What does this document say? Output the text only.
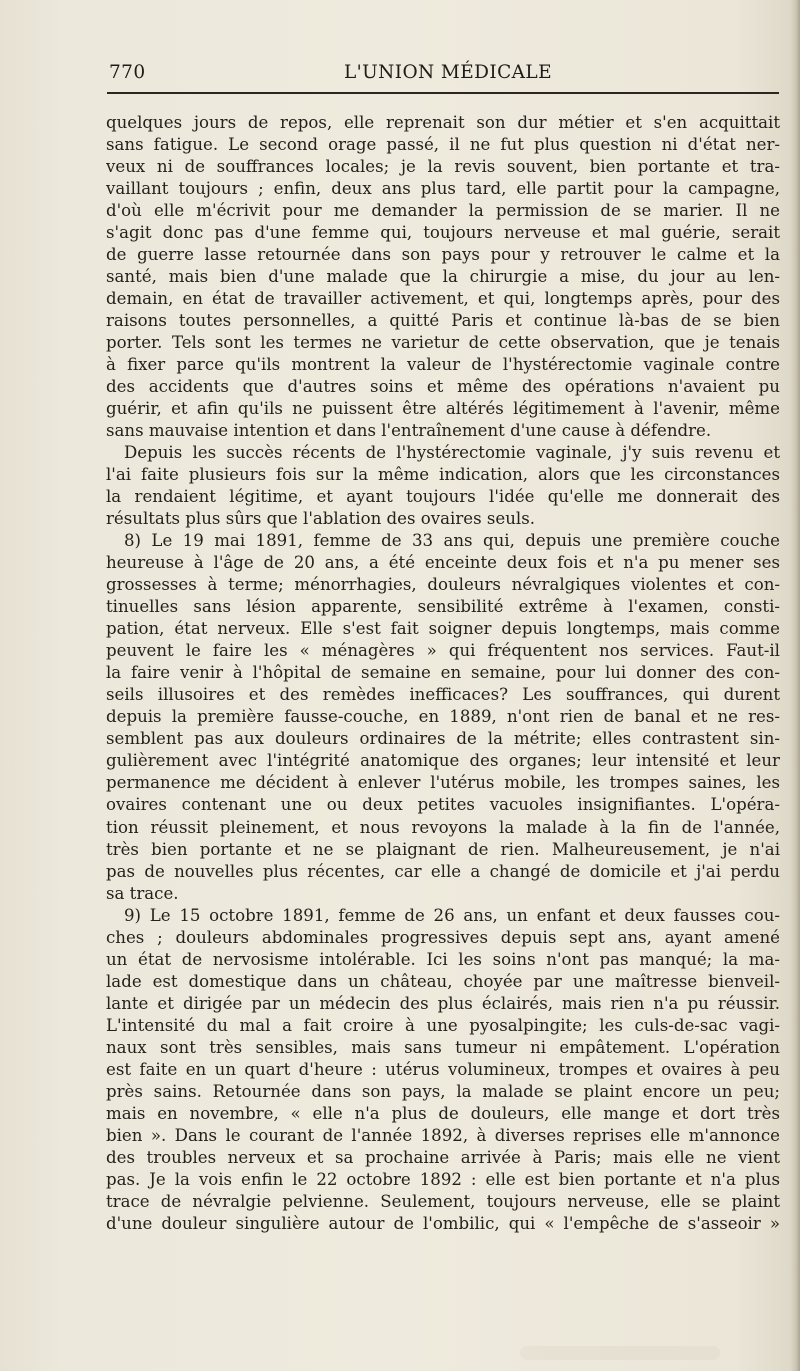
770	L'UNION MÉDICALE
quelques jours de repos, elle reprenait son dur métier et s'en acquittait
sans fatigue. Le second orage passé, il ne fut plus question ni d'état ner-
veux ni de souffrances locales; je la revis souvent, bien portante et tra-
vaillant toujours ; enfin, deux ans plus tard, elle partit pour la campagne,
d'où elle m'écrivit pour me demander la permission de se marier. Il ne
s'agit donc pas d'une femme qui, toujours nerveuse et mal guérie, serait
de guerre lasse retournée dans son pays pour y retrouver le calme et la
santé, mais bien d'une malade que la chirurgie a mise, du jour au len-
demain, en état de travailler activement, et qui, longtemps après, pour des
raisons toutes personnelles, a quitté Paris et continue là-bas de se bien
porter. Tels sont les termes ne varietur de cette observation, que je tenais
à fixer parce qu'ils montrent la valeur de l'hystérectomie vaginale contre
des accidents que d'autres soins et même des opérations n'avaient pu
guérir, et afin qu'ils ne puissent être altérés légitimement à l'avenir, même
sans mauvaise intention et dans l'entraînement d'une cause à défendre.
Depuis les succès récents de l'hystérectomie vaginale, j'y suis revenu et
l'ai faite plusieurs fois sur la même indication, alors que les circonstances
la rendaient légitime, et ayant toujours l'idée qu'elle me donnerait des
résultats plus sûrs que l'ablation des ovaires seuls.
8) Le 19 mai 1891, femme de 33 ans qui, depuis une première couche
heureuse à l'âge de 20 ans, a été enceinte deux fois et n'a pu mener ses
grossesses à terme; ménorrhagies, douleurs névralgiques violentes et con-
tinuelles sans lésion apparente, sensibilité extrême à l'examen, consti-
pation, état nerveux. Elle s'est fait soigner depuis longtemps, mais comme
peuvent le faire les « ménagères » qui fréquentent nos services. Faut-il
la faire venir à l'hôpital de semaine en semaine, pour lui donner des con-
seils illusoires et des remèdes inefficaces? Les souffrances, qui durent
depuis la première fausse-couche, en 1889, n'ont rien de banal et ne res-
semblent pas aux douleurs ordinaires de la métrite; elles contrastent sin-
gulièrement avec l'intégrité anatomique des organes; leur intensité et leur
permanence me décident à enlever l'utérus mobile, les trompes saines, les
ovaires contenant une ou deux petites vacuoles insignifiantes. L'opéra-
tion réussit pleinement, et nous revoyons la malade à la fin de l'année,
très bien portante et ne se plaignant de rien. Malheureusement, je n'ai
pas de nouvelles plus récentes, car elle a changé de domicile et j'ai perdu
sa trace.
9) Le 15 octobre 1891, femme de 26 ans, un enfant et deux fausses cou-
ches ; douleurs abdominales progressives depuis sept ans, ayant amené
un état de nervosisme intolérable. Ici les soins n'ont pas manqué; la ma-
lade est domestique dans un château, choyée par une maîtresse bienveil-
lante et dirigée par un médecin des plus éclairés, mais rien n'a pu réussir.
L'intensité du mal a fait croire à une pyosalpingite; les culs-de-sac vagi-
naux sont très sensibles, mais sans tumeur ni empâtement. L'opération
est faite en un quart d'heure : utérus volumineux, trompes et ovaires à peu
près sains. Retournée dans son pays, la malade se plaint encore un peu;
mais en novembre, « elle n'a plus de douleurs, elle mange et dort très
bien ». Dans le courant de l'année 1892, à diverses reprises elle m'annonce
des troubles nerveux et sa prochaine arrivée à Paris; mais elle ne vient
pas. Je la vois enfin le 22 octobre 1892 : elle est bien portante et n'a plus
trace de névralgie pelvienne. Seulement, toujours nerveuse, elle se plaint
d'une douleur singulière autour de l'ombilic, qui « l'empêche de s'asseoir »
